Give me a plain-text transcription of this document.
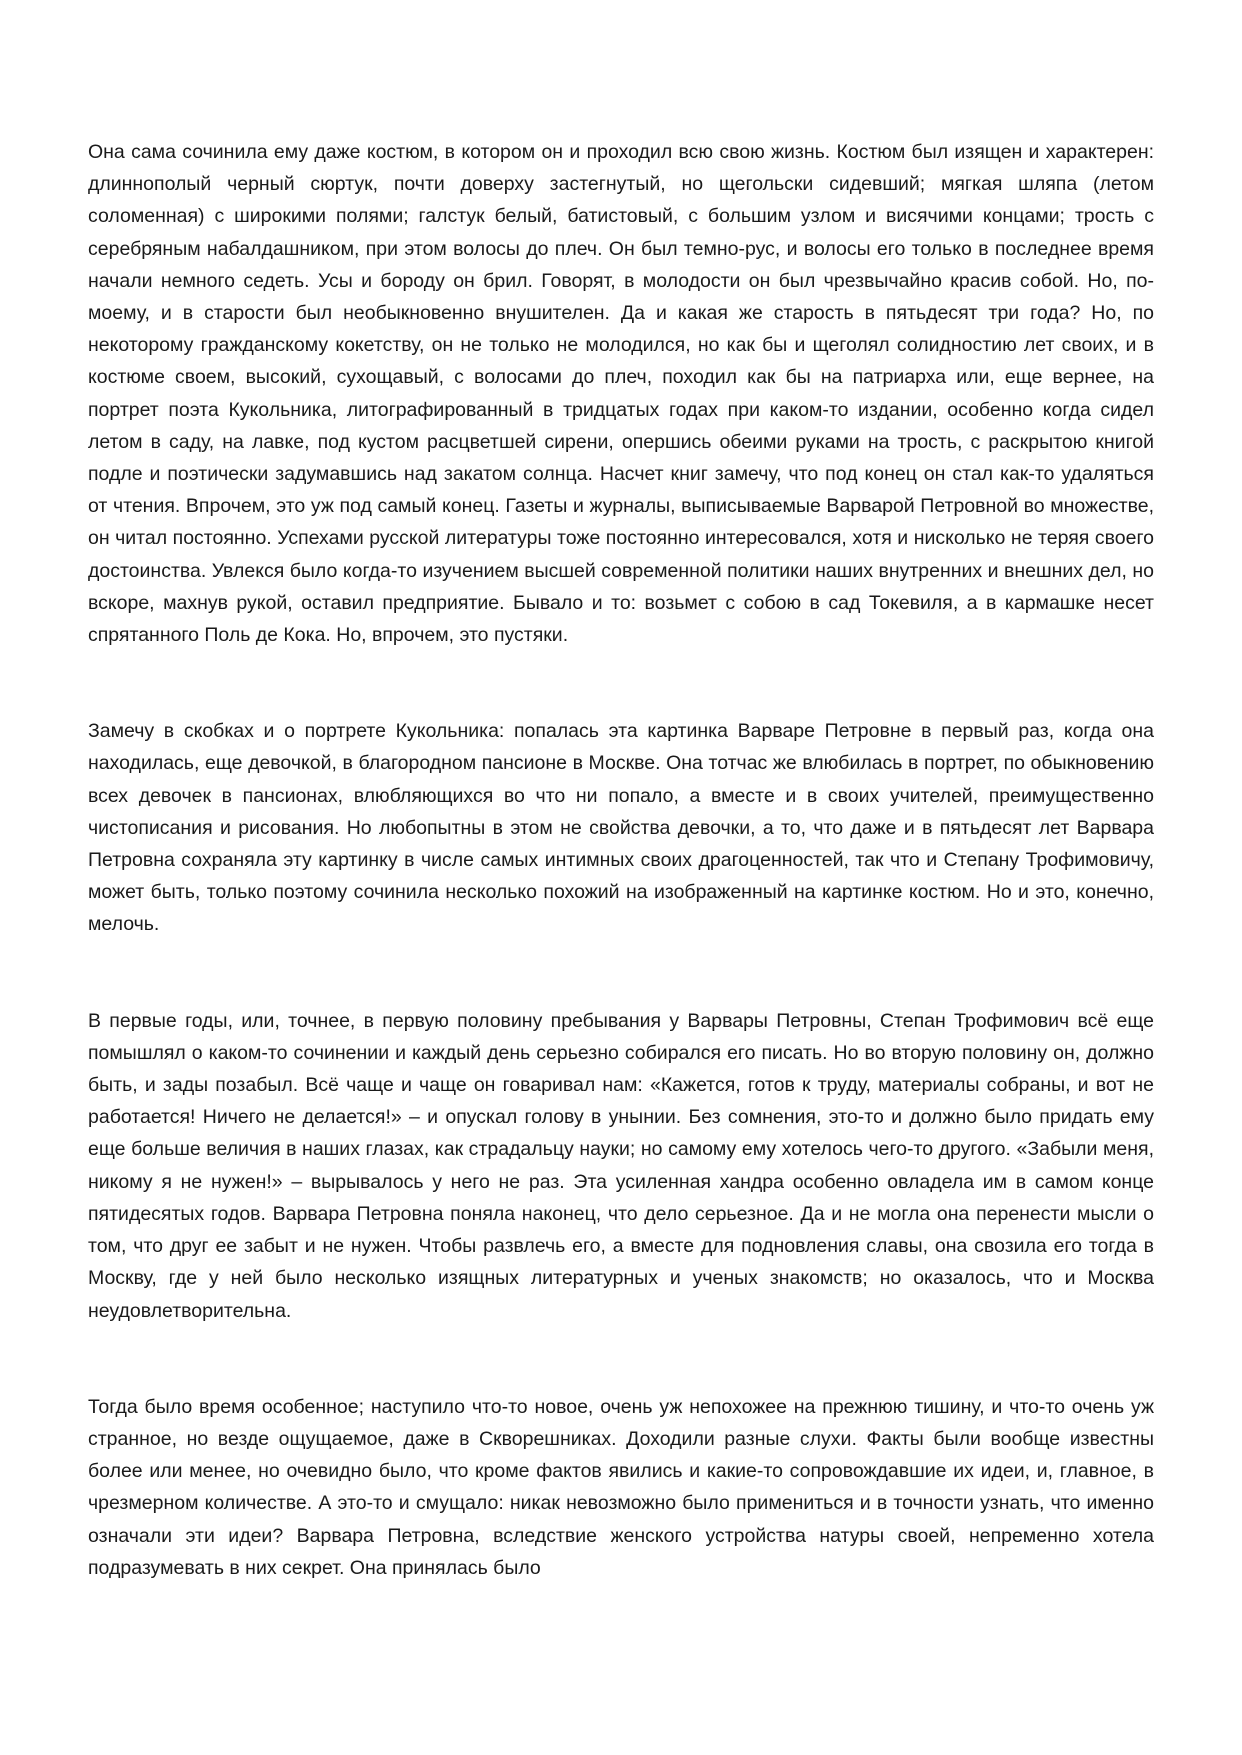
Она сама сочинила ему даже костюм, в котором он и проходил всю свою жизнь. Костюм был изящен и характерен: длиннополый черный сюртук, почти доверху застегнутый, но щегольски сидевший; мягкая шляпа (летом соломенная) с широкими полями; галстук белый, батистовый, с большим узлом и висячими концами; трость с серебряным набалдашником, при этом волосы до плеч. Он был темно-рус, и волосы его только в последнее время начали немного седеть. Усы и бороду он брил. Говорят, в молодости он был чрезвычайно красив собой. Но, по-моему, и в старости был необыкновенно внушителен. Да и какая же старость в пятьдесят три года? Но, по некоторому гражданскому кокетству, он не только не молодился, но как бы и щеголял солидностию лет своих, и в костюме своем, высокий, сухощавый, с волосами до плеч, походил как бы на патриарха или, еще вернее, на портрет поэта Кукольника, литографированный в тридцатых годах при каком-то издании, особенно когда сидел летом в саду, на лавке, под кустом расцветшей сирени, опершись обеими руками на трость, с раскрытою книгой подле и поэтически задумавшись над закатом солнца. Насчет книг замечу, что под конец он стал как-то удаляться от чтения. Впрочем, это уж под самый конец. Газеты и журналы, выписываемые Варварой Петровной во множестве, он читал постоянно. Успехами русской литературы тоже постоянно интересовался, хотя и нисколько не теряя своего достоинства. Увлекся было когда-то изучением высшей современной политики наших внутренних и внешних дел, но вскоре, махнув рукой, оставил предприятие. Бывало и то: возьмет с собою в сад Токевиля, а в кармашке несет спрятанного Поль де Кока. Но, впрочем, это пустяки.

Замечу в скобках и о портрете Кукольника: попалась эта картинка Варваре Петровне в первый раз, когда она находилась, еще девочкой, в благородном пансионе в Москве. Она тотчас же влюбилась в портрет, по обыкновению всех девочек в пансионах, влюбляющихся во что ни попало, а вместе и в своих учителей, преимущественно чистописания и рисования. Но любопытны в этом не свойства девочки, а то, что даже и в пятьдесят лет Варвара Петровна сохраняла эту картинку в числе самых интимных своих драгоценностей, так что и Степану Трофимовичу, может быть, только поэтому сочинила несколько похожий на изображенный на картинке костюм. Но и это, конечно, мелочь.

В первые годы, или, точнее, в первую половину пребывания у Варвары Петровны, Степан Трофимович всё еще помышлял о каком-то сочинении и каждый день серьезно собирался его писать. Но во вторую половину он, должно быть, и зады позабыл. Всё чаще и чаще он говаривал нам: «Кажется, готов к труду, материалы собраны, и вот не работается! Ничего не делается!» – и опускал голову в унынии. Без сомнения, это-то и должно было придать ему еще больше величия в наших глазах, как страдальцу науки; но самому ему хотелось чего-то другого. «Забыли меня, никому я не нужен!» – вырывалось у него не раз. Эта усиленная хандра особенно овладела им в самом конце пятидесятых годов. Варвара Петровна поняла наконец, что дело серьезное. Да и не могла она перенести мысли о том, что друг ее забыт и не нужен. Чтобы развлечь его, а вместе для подновления славы, она свозила его тогда в Москву, где у ней было несколько изящных литературных и ученых знакомств; но оказалось, что и Москва неудовлетворительна.

Тогда было время особенное; наступило что-то новое, очень уж непохожее на прежнюю тишину, и что-то очень уж странное, но везде ощущаемое, даже в Скворешниках. Доходили разные слухи. Факты были вообще известны более или менее, но очевидно было, что кроме фактов явились и какие-то сопровождавшие их идеи, и, главное, в чрезмерном количестве. А это-то и смущало: никак невозможно было примениться и в точности узнать, что именно означали эти идеи? Варвара Петровна, вследствие женского устройства натуры своей, непременно хотела подразумевать в них секрет. Она принялась было
